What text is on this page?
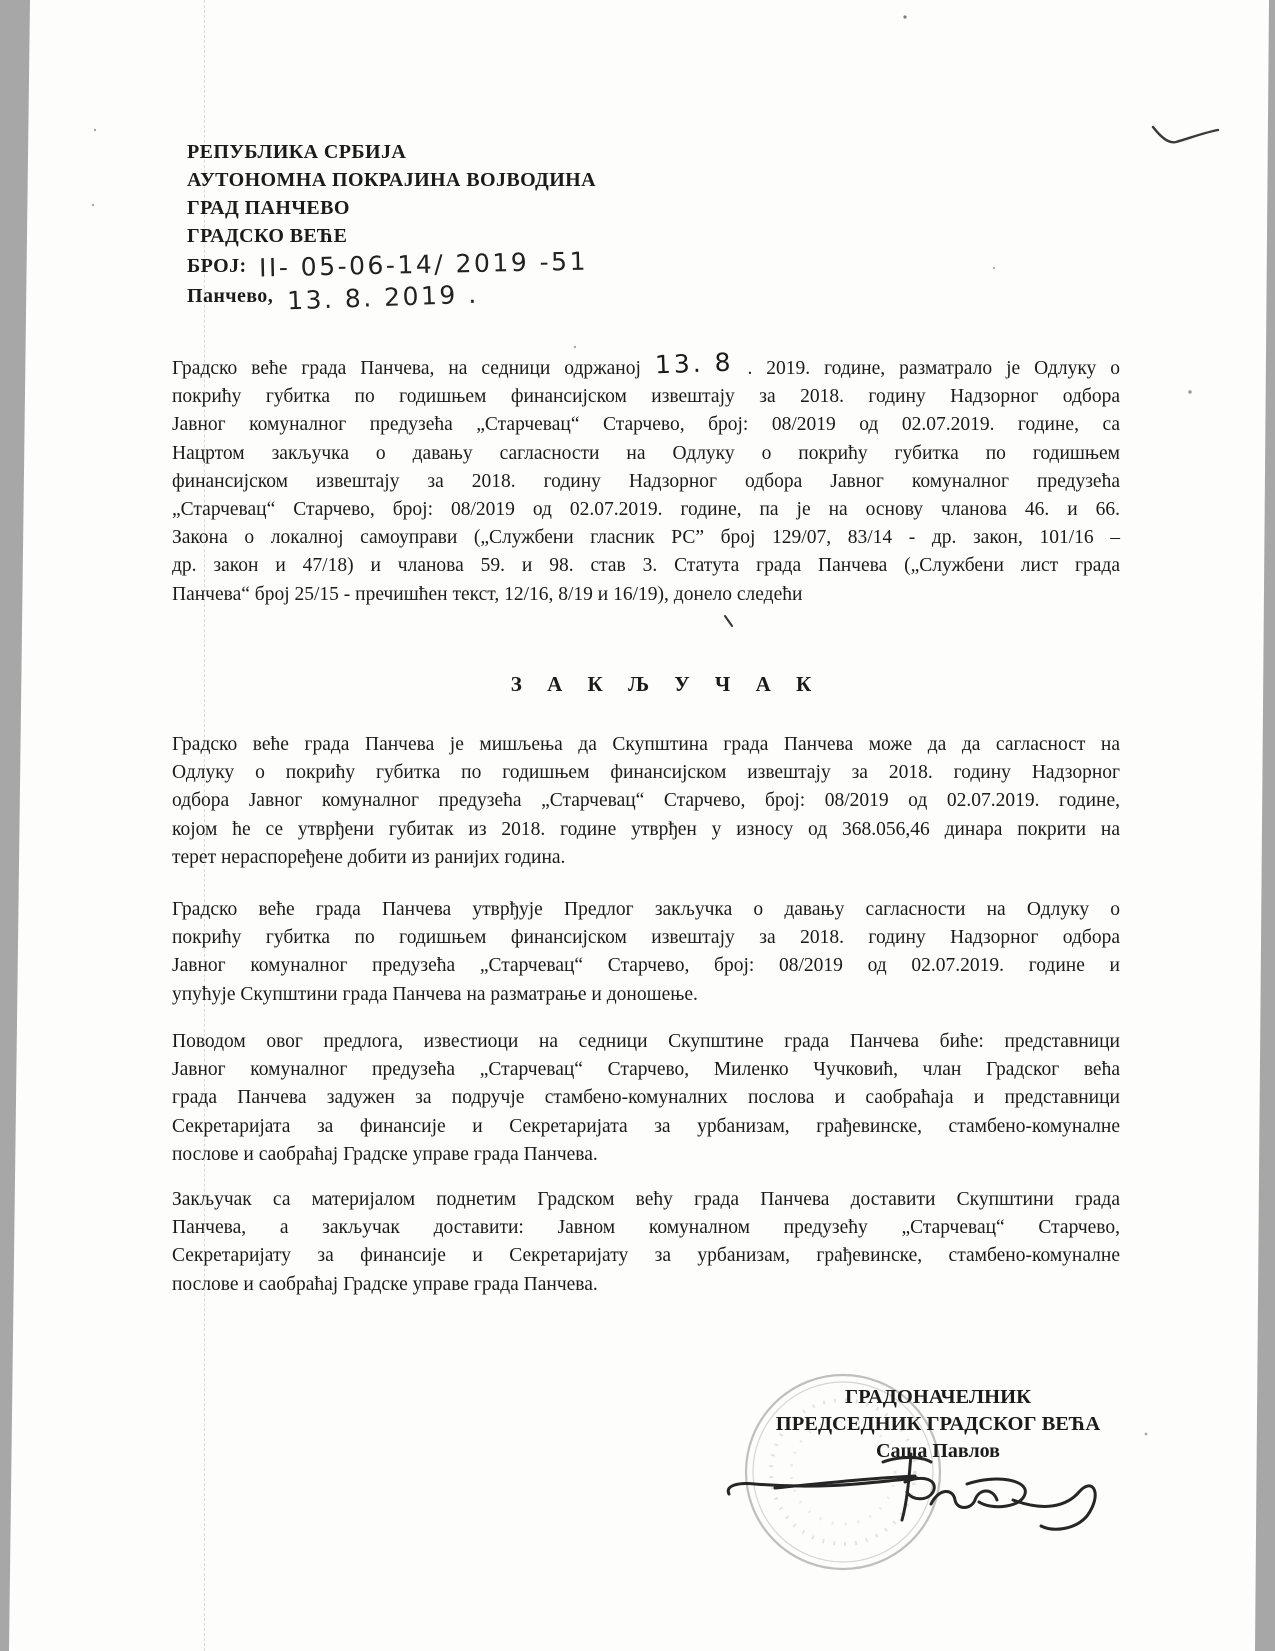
РЕПУБЛИКА СРБИЈА
АУТОНОМНА ПОКРАЈИНА ВОЈВОДИНА
ГРАД ПАНЧЕВО
ГРАДСКО ВЕЋЕ
БРОЈ: II- 05-06-14/ 2019 -51
Панчево, 13. 8. 2019 .
Градско веће града Панчева, на седници одржаној 13. 8 . 2019. године, разматрало је Одлуку о
покрићу губитка по годишњем финансијском извештају за 2018. годину Надзорног одбора
Јавног комуналног предузећа „Старчевац“ Старчево, број: 08/2019 од 02.07.2019. године, са
Нацртом закључка о давању сагласности на Одлуку о покрићу губитка по годишњем
финансијском извештају за 2018. годину Надзорног одбора Јавног комуналног предузећа
„Старчевац“ Старчево, број: 08/2019 од 02.07.2019. године, па је на основу чланова 46. и 66.
Закона о локалној самоуправи („Службени гласник РС” број 129/07, 83/14 - др. закон, 101/16 –
др. закон и 47/18) и чланова 59. и 98. став 3. Статута града Панчева („Службени лист града
Панчева“ број 25/15 - пречишћен текст, 12/16, 8/19 и 16/19), донело следећи
З А К Љ У Ч А К
Градско веће града Панчева је мишљења да Скупштина града Панчева може да да сагласност на
Одлуку о покрићу губитка по годишњем финансијском извештају за 2018. годину Надзорног
одбора Јавног комуналног предузећа „Старчевац“ Старчево, број: 08/2019 од 02.07.2019. године,
којом ће се утврђени губитак из 2018. године утврђен у износу од 368.056,46 динара покрити на
терет нераспоређене добити из ранијих година.
Градско веће града Панчева утврђује Предлог закључка о давању сагласности на Одлуку о
покрићу губитка по годишњем финансијском извештају за 2018. годину Надзорног одбора
Јавног комуналног предузећа „Старчевац“ Старчево, број: 08/2019 од 02.07.2019. године и
упућује Скупштини града Панчева на разматрање и доношење.
Поводом овог предлога, известиоци на седници Скупштине града Панчева биће: представници
Јавног комуналног предузећа „Старчевац“ Старчево, Миленко Чучковић, члан Градског већа
града Панчева задужен за подручје стамбено-комуналних послова и саобраћаја и представници
Секретаријата за финансије и Секретаријата за урбанизам, грађевинске, стамбено-комуналне
послове и саобраћај Градске управе града Панчева.
Закључак са материјалом поднетим Градском већу града Панчева доставити Скупштини града
Панчева, а закључак доставити: Јавном комуналном предузећу „Старчевац“ Старчево,
Секретаријату за финансије и Секретаријату за урбанизам, грађевинске, стамбено-комуналне
послове и саобраћај Градске управе града Панчева.
ГРАДОНАЧЕЛНИК
ПРЕДСЕДНИК ГРАДСКОГ ВЕЋА
Саша Павлов
